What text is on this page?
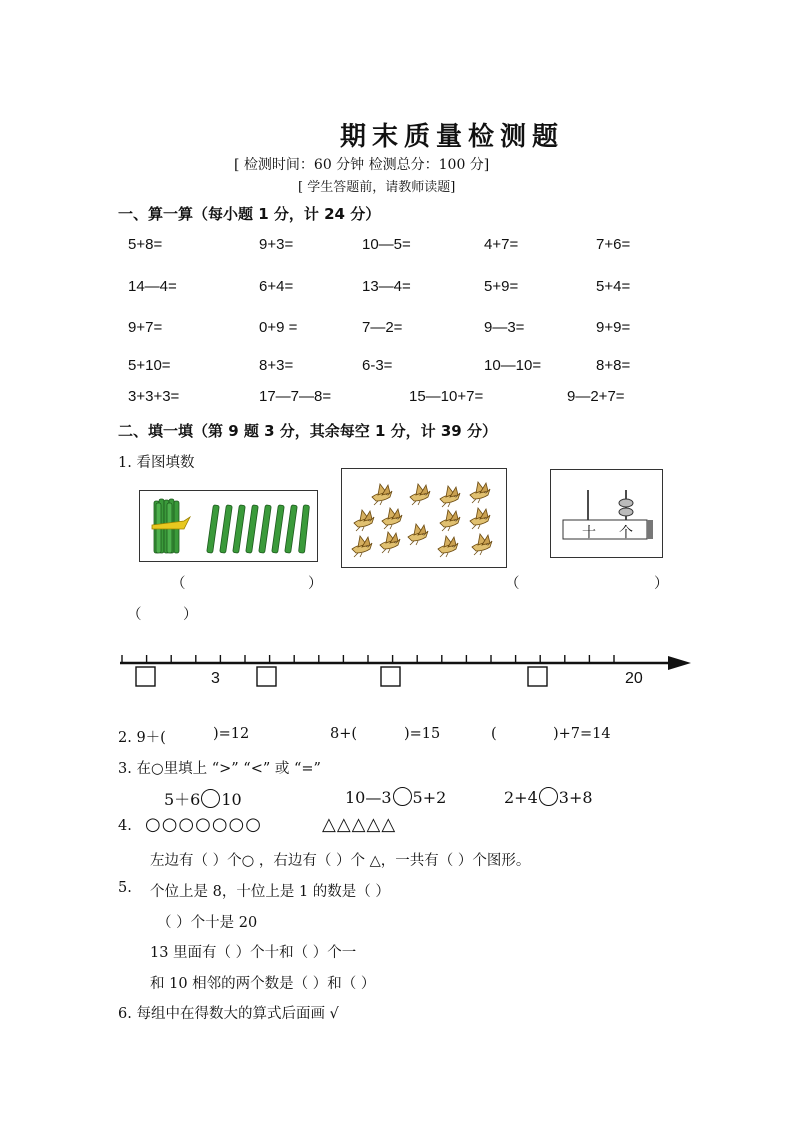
期末质量检测题
[ 检测时间：60 分钟 检测总分：100 分]
[ 学生答题前，请教师读题]
一、算一算（每小题 1 分，计 24 分）
5+8=	9+3=	10—5=	4+7=	7+6=
14—4=	6+4=	13—4=	5+9=	5+4=
9+7=	0+9 =	7—2=	9—3=	9+9=
5+10=	8+3=	6-3=	10—10=	8+8=
3+3+3=	17—7—8=	15—10+7=	9—2+7=
二、填一填（第 9 题 3 分，其余每空 1 分，计 39 分）
1. 看图填数
十 个
（	）	（	）
（	）
3	20
2. 9＋(	)=12	8+(	)=15	(	)+7=14
3. 在○里填上 “>” “<” 或 “=”
5＋6 10	10—3 5+2	2+4 3+8
4. ○○○○○○○	△△△△△
左边有（ ）个○ ，右边有（ ）个 △，一共有（ ）个图形。
5. 个位上是 8，十位上是 1 的数是（ ）
（ ）个十是 20
13 里面有（ ）个十和（ ）个一
和 10 相邻的两个数是（ ）和（ ）
6. 每组中在得数大的算式后面画 √
